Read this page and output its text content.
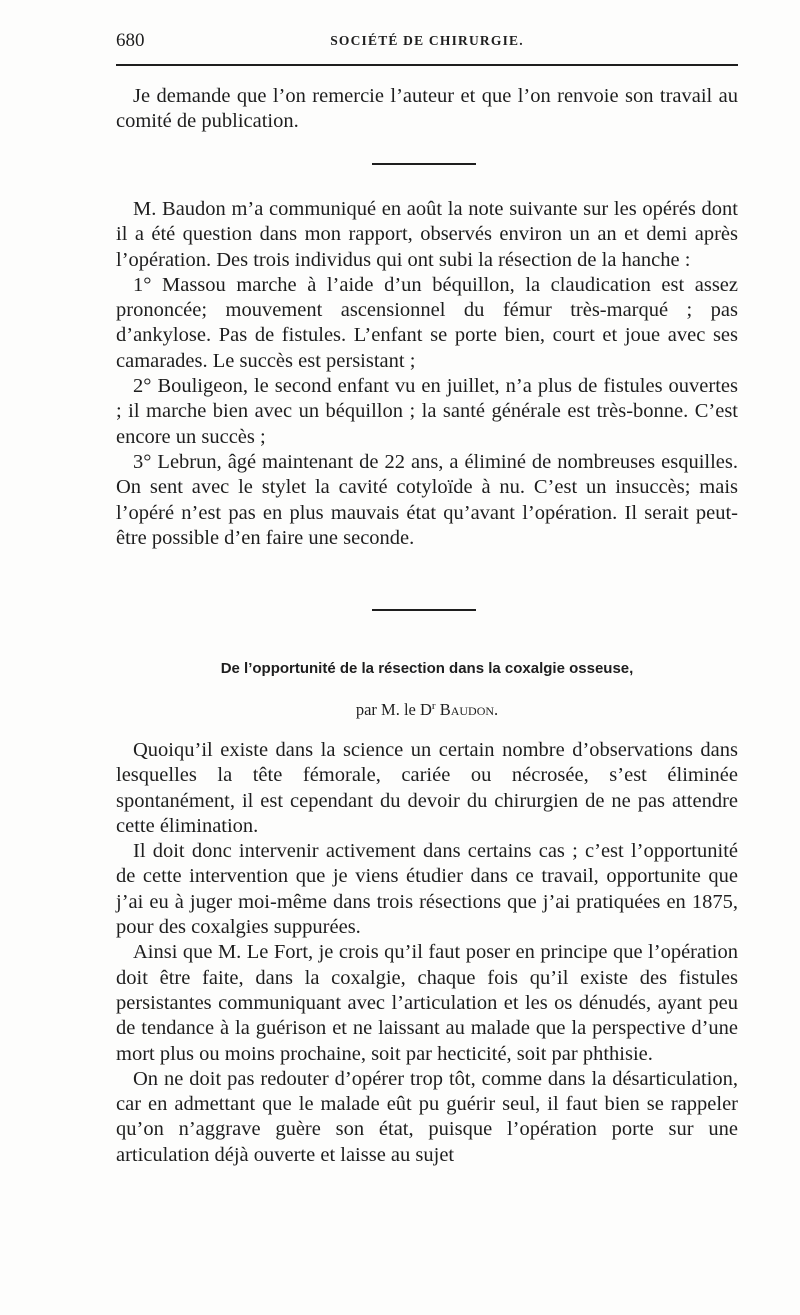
680	SOCIÉTÉ DE CHIRURGIE.

Je demande que l’on remercie l’auteur et que l’on renvoie son travail au comité de publication.

M. Baudon m’a communiqué en août la note suivante sur les opérés dont il a été question dans mon rapport, observés environ un an et demi après l’opération. Des trois individus qui ont subi la résection de la hanche :

1° Massou marche à l’aide d’un béquillon, la claudication est assez prononcée; mouvement ascensionnel du fémur très-marqué ; pas d’ankylose. Pas de fistules. L’enfant se porte bien, court et joue avec ses camarades. Le succès est persistant ;

2° Bouligeon, le second enfant vu en juillet, n’a plus de fistules ouvertes ; il marche bien avec un béquillon ; la santé générale est très-bonne. C’est encore un succès ;

3° Lebrun, âgé maintenant de 22 ans, a éliminé de nombreuses esquilles. On sent avec le stylet la cavité cotyloïde à nu. C’est un insuccès; mais l’opéré n’est pas en plus mauvais état qu’avant l’opération. Il serait peut-être possible d’en faire une seconde.

De l’opportunité de la résection dans la coxalgie osseuse,
par M. le $D^r$ Baudon.

Quoiqu’il existe dans la science un certain nombre d’observations dans lesquelles la tête fémorale, cariée ou nécrosée, s’est éliminée spontanément, il est cependant du devoir du chirurgien de ne pas attendre cette élimination.

Il doit donc intervenir activement dans certains cas ; c’est l’opportunité de cette intervention que je viens étudier dans ce travail, opportunite que j’ai eu à juger moi-même dans trois résections que j’ai pratiquées en 1875, pour des coxalgies suppurées.

Ainsi que M. Le Fort, je crois qu’il faut poser en principe que l’opération doit être faite, dans la coxalgie, chaque fois qu’il existe des fistules persistantes communiquant avec l’articulation et les os dénudés, ayant peu de tendance à la guérison et ne laissant au malade que la perspective d’une mort plus ou moins prochaine, soit par hecticité, soit par phthisie.

On ne doit pas redouter d’opérer trop tôt, comme dans la désarticulation, car en admettant que le malade eût pu guérir seul, il faut bien se rappeler qu’on n’aggrave guère son état, puisque l’opération porte sur une articulation déjà ouverte et laisse au sujet
